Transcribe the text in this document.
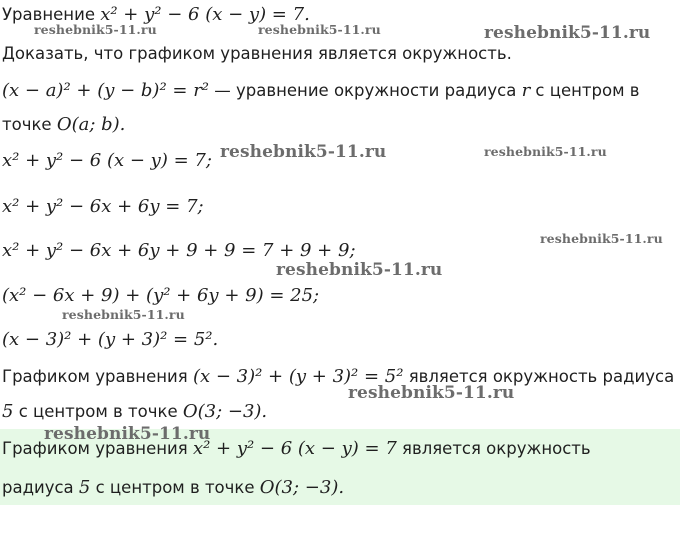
Уравнение x² + y² − 6 (x − y) = 7.
Доказать, что графиком уравнения является окружность.
(x − a)² + (y − b)² = r² — уравнение окружности радиуса r с центром в
точке O(a; b).
x² + y² − 6 (x − y) = 7;
x² + y² − 6x + 6y = 7;
x² + y² − 6x + 6y + 9 + 9 = 7 + 9 + 9;
(x² − 6x + 9) + (y² + 6y + 9) = 25;
(x − 3)² + (y + 3)² = 5².
Графиком уравнения (x − 3)² + (y + 3)² = 5² является окружность радиуса
5 с центром в точке O(3; −3).
Графиком уравнения x² + y² − 6 (x − y) = 7 является окружность
радиуса 5 с центром в точке O(3; −3).
reshebnik5-11.ru	reshebnik5-11.ru	reshebnik5-11.ru
reshebnik5-11.ru	reshebnik5-11.ru
reshebnik5-11.ru
reshebnik5-11.ru
reshebnik5-11.ru
reshebnik5-11.ru
reshebnik5-11.ru
